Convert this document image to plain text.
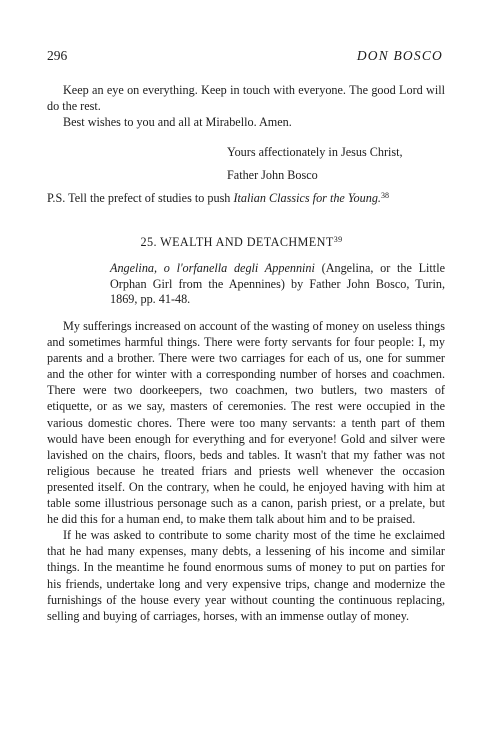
296	DON BOSCO

Keep an eye on everything. Keep in touch with everyone. The good Lord will do the rest.

Best wishes to you and all at Mirabello. Amen.

Yours affectionately in Jesus Christ,
Father John Bosco
P.S. Tell the prefect of studies to push Italian Classics for the Young.$^{38}$
25. WEALTH AND DETACHMENT$^{39}$
Angelina, o l'orfanella degli Appennini (Angelina, or the Little Orphan Girl from the Apennines) by Father John Bosco, Turin, 1869, pp. 41-48.

My sufferings increased on account of the wasting of money on useless things and sometimes harmful things. There were forty servants for four people: I, my parents and a brother. There were two carriages for each of us, one for summer and the other for winter with a corresponding number of horses and coachmen. There were two doorkeepers, two coachmen, two butlers, two masters of etiquette, or as we say, masters of ceremonies. The rest were occupied in the various domestic chores. There were too many servants: a tenth part of them would have been enough for everything and for everyone! Gold and silver were lavished on the chairs, floors, beds and tables. It wasn't that my father was not religious because he treated friars and priests well whenever the occasion presented itself. On the contrary, when he could, he enjoyed having with him at table some illustrious personage such as a canon, parish priest, or a prelate, but he did this for a human end, to make them talk about him and to be praised.

If he was asked to contribute to some charity most of the time he exclaimed that he had many expenses, many debts, a lessening of his income and similar things. In the meantime he found enormous sums of money to put on parties for his friends, undertake long and very expensive trips, change and modernize the furnishings of the house every year without counting the continuous replacing, selling and buying of carriages, horses, with an immense outlay of money.
